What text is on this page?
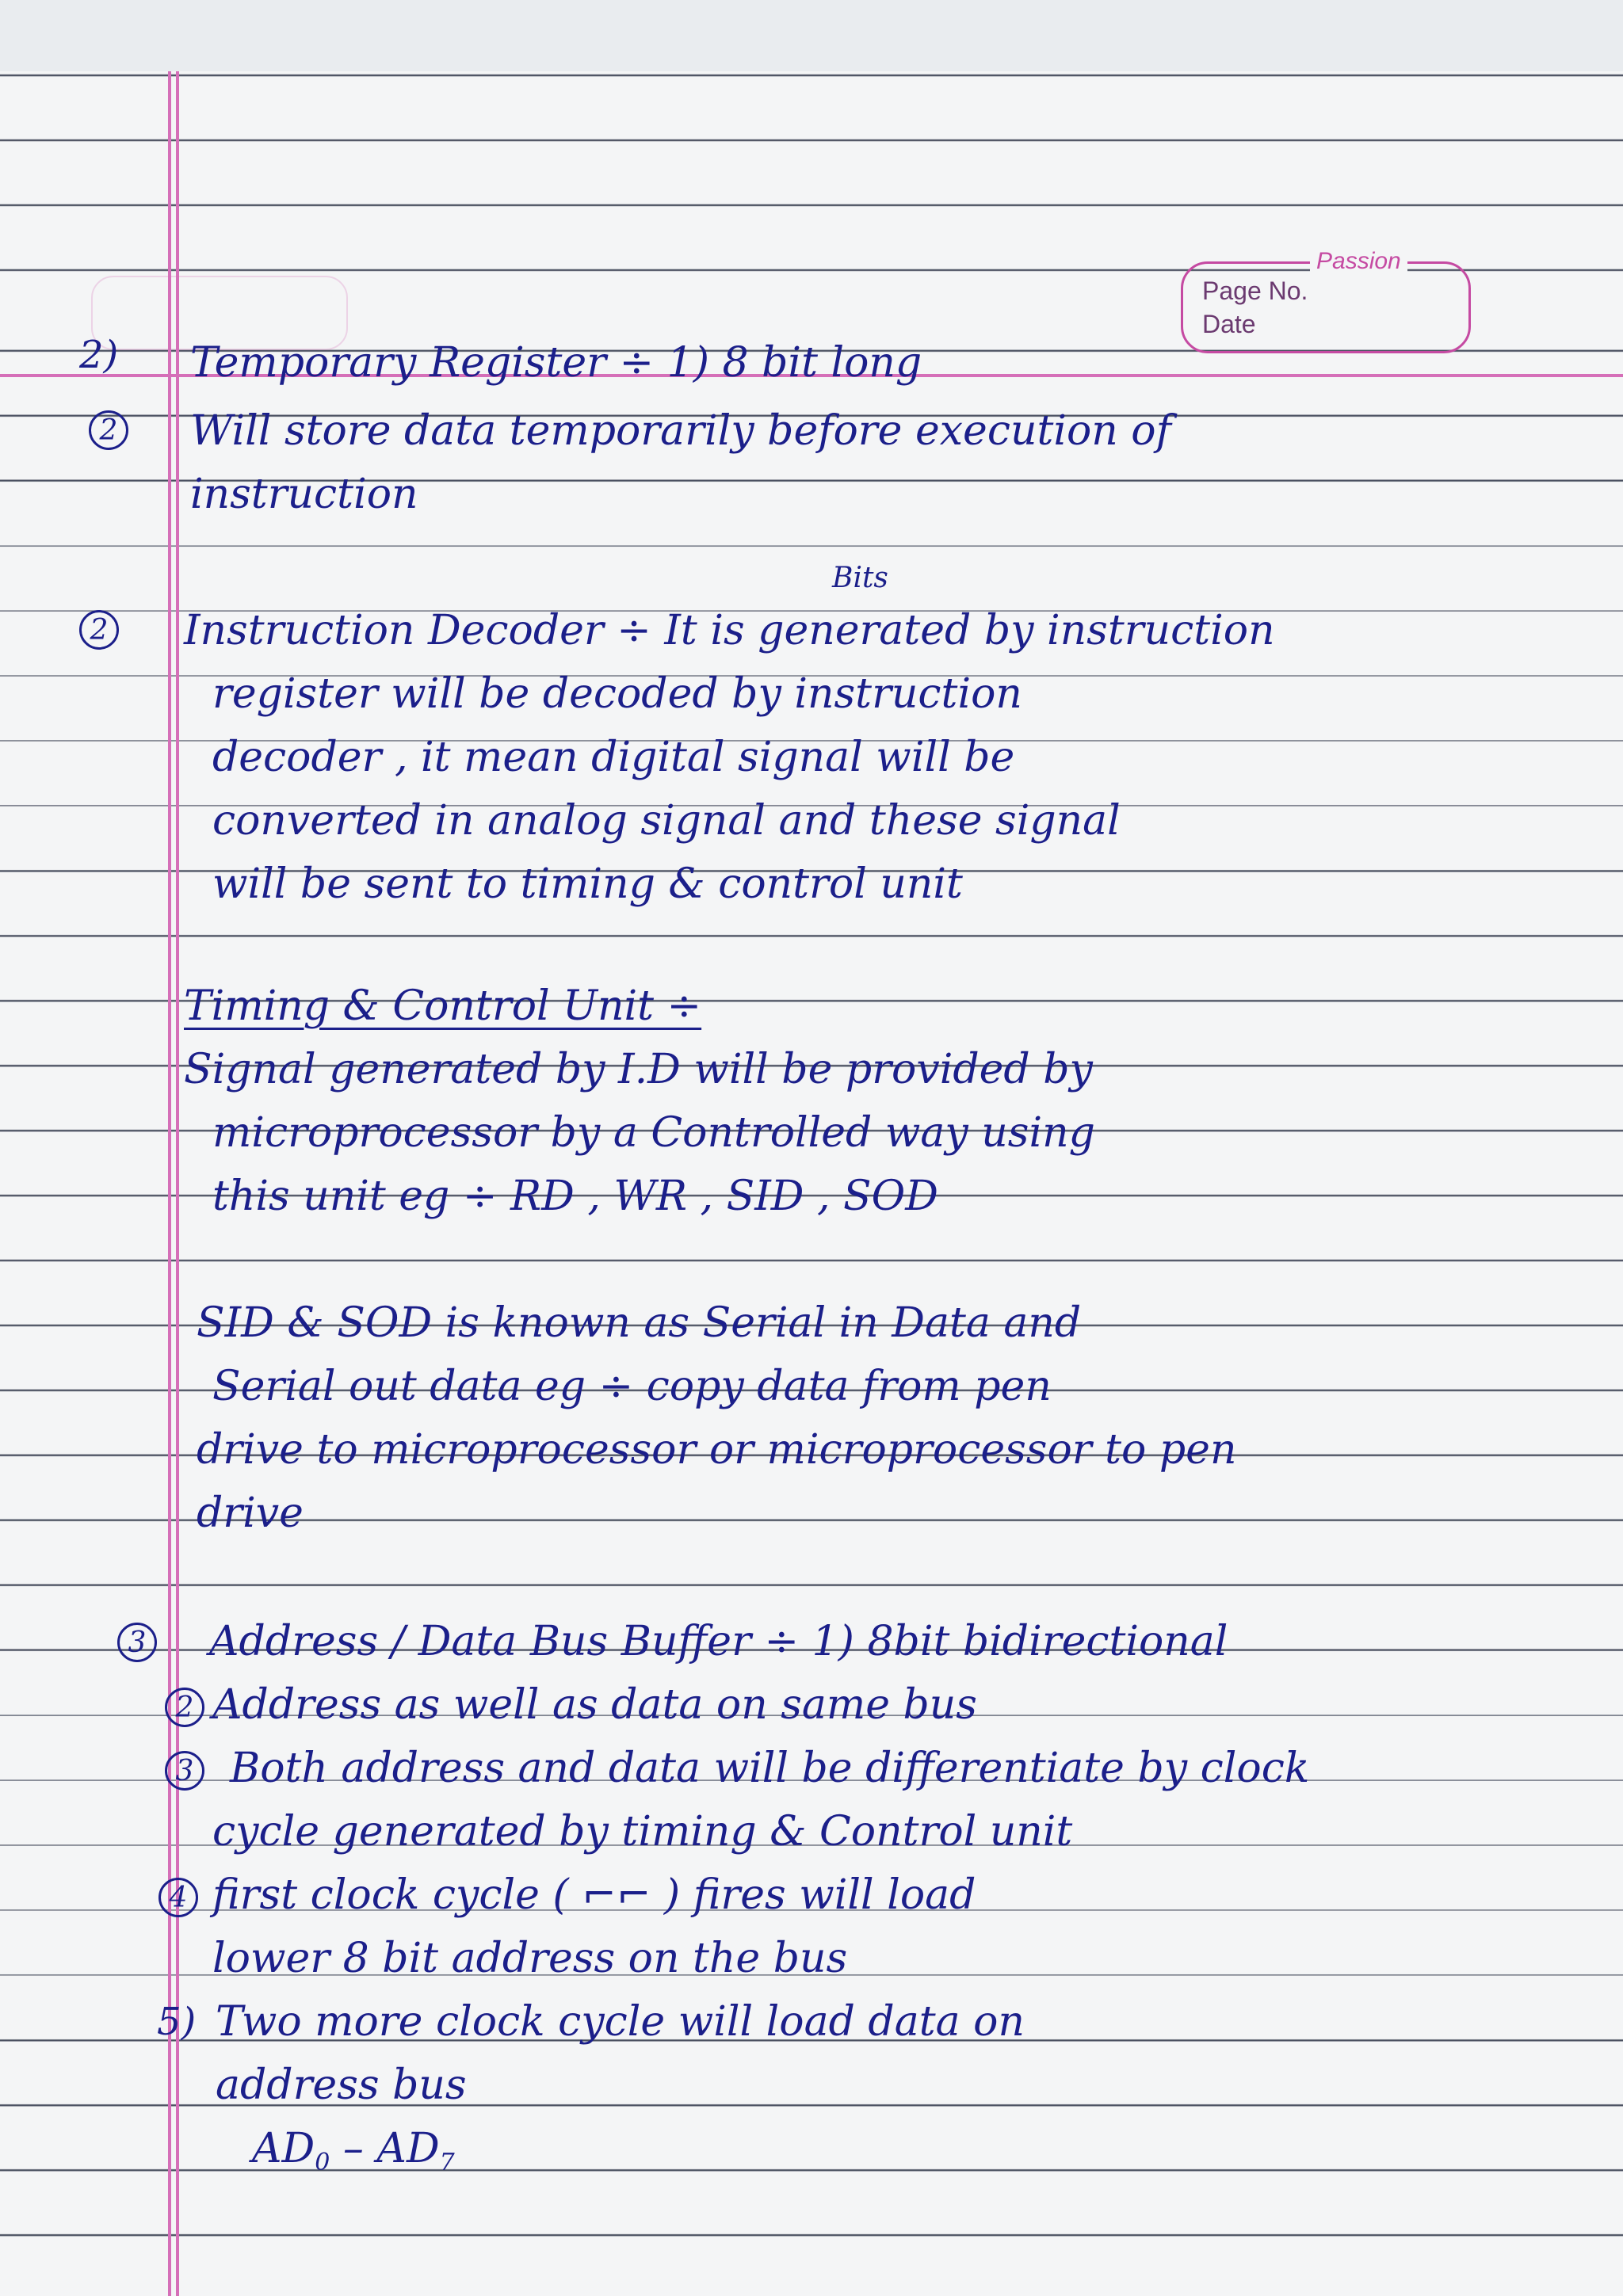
Passion
Page No.
Date
2) Temporary Register ÷ 1) 8 bit long
2 Will store data temporarily before execution of
instruction
Bits
2 Instruction Decoder ÷ It is generated by instruction
register will be decoded by instruction
decoder , it mean digital signal will be
converted in analog signal and these signal
will be sent to timing & control unit
Timing & Control Unit ÷
Signal generated by I.D will be provided by
microprocessor by a Controlled way using
this unit eg ÷ RD , WR , SID , SOD
SID & SOD is known as Serial in Data and
Serial out data eg ÷ copy data from pen
drive to microprocessor or microprocessor to pen
drive
3 Address / Data Bus Buffer ÷ 1) 8bit bidirectional
2 Address as well as data on same bus
3 Both address and data will be differentiate by clock
cycle generated by timing & Control unit
4 first clock cycle ( ⌐⌐ ) fires will load
lower 8 bit address on the bus
5) Two more clock cycle will load data on
address bus
AD0 – AD7
